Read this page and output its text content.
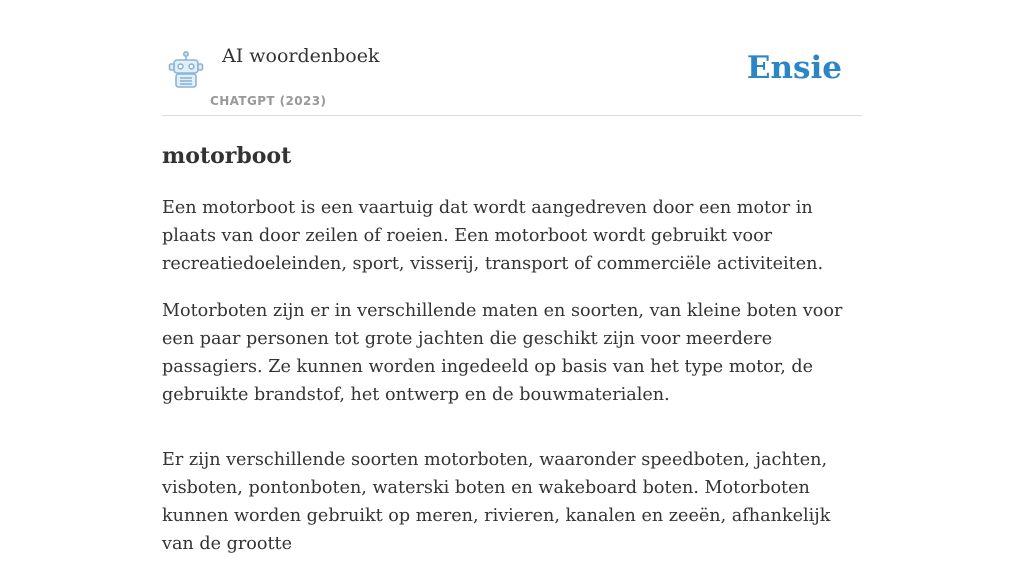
AI woordenboek
CHATGPT (2023)
Ensie
motorboot

Een motorboot is een vaartuig dat wordt aangedreven door een motor in plaats van door zeilen of roeien. Een motorboot wordt gebruikt voor recreatiedoeleinden, sport, visserij, transport of commerciële activiteiten.

Motorboten zijn er in verschillende maten en soorten, van kleine boten voor een paar personen tot grote jachten die geschikt zijn voor meerdere passagiers. Ze kunnen worden ingedeeld op basis van het type motor, de gebruikte brandstof, het ontwerp en de bouwmaterialen.

Er zijn verschillende soorten motorboten, waaronder speedboten, jachten, visboten, pontonboten, waterski boten en wakeboard boten. Motorboten kunnen worden gebruikt op meren, rivieren, kanalen en zeeën, afhankelijk van de grootte
